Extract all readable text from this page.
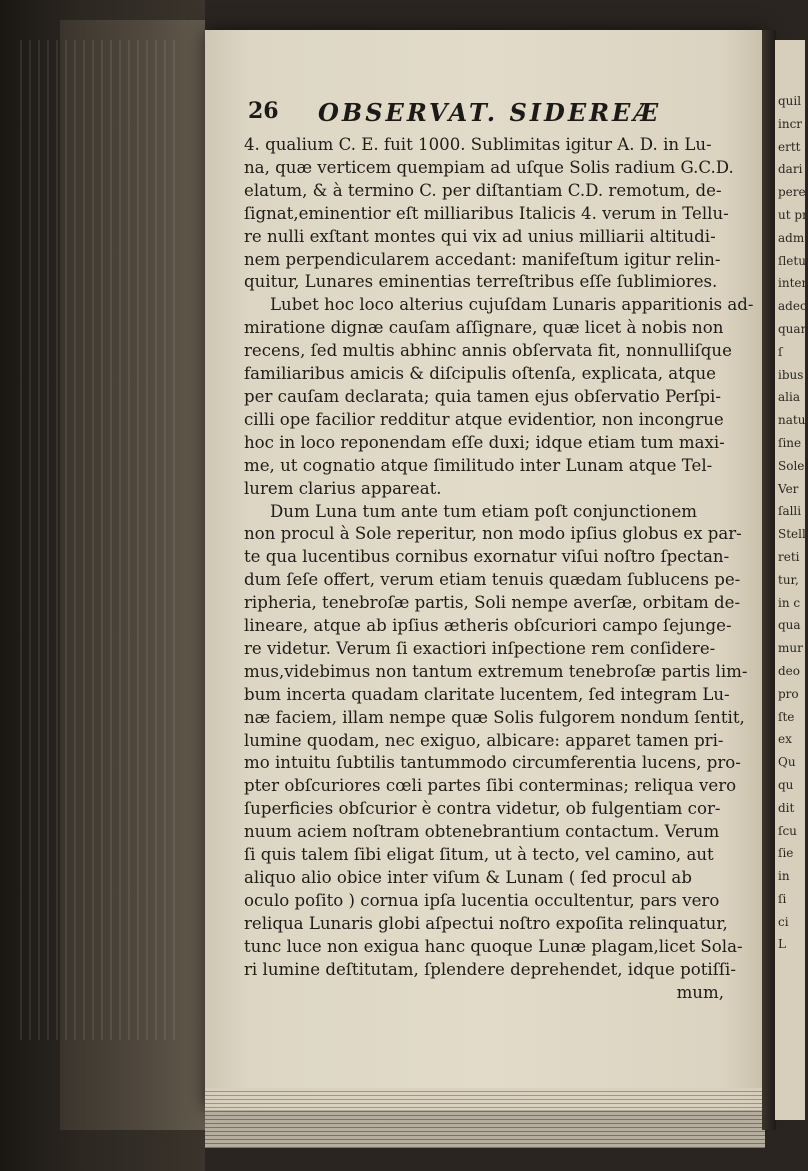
26 OBSERVAT. SIDEREÆ
4. qualium C. E. fuit 1000. Sublimitas igitur A. D. in Lu-
na, quæ verticem quempiam ad uſque Solis radium G.C.D.
elatum, & à termino C. per diſtantiam C.D. remotum, de-
ſignat,eminentior eſt milliaribus Italicis 4. verum in Tellu-
re nulli exſtant montes qui vix ad unius milliarii altitudi-
nem perpendicularem accedant: manifeſtum igitur relin-
quitur, Lunares eminentias terreſtribus eſſe ſublimiores.
Lubet hoc loco alterius cujuſdam Lunaris apparitionis ad-
miratione dignæ cauſam aſſignare, quæ licet à nobis non
recens, ſed multis abhinc annis obſervata fit, nonnulliſque
familiaribus amicis & diſcipulis oſtenſa, explicata, atque
per cauſam declarata; quia tamen ejus obſervatio Perſpi-
cilli ope facilior redditur atque evidentior, non incongrue
hoc in loco reponendam eſſe duxi; idque etiam tum maxi-
me, ut cognatio atque ſimilitudo inter Lunam atque Tel-
lurem clarius appareat.
Dum Luna tum ante tum etiam poſt conjunctionem
non procul à Sole reperitur, non modo ipſius globus ex par-
te qua lucentibus cornibus exornatur viſui noſtro ſpectan-
dum ſeſe offert, verum etiam tenuis quædam ſublucens pe-
ripheria, tenebroſæ partis, Soli nempe averſæ, orbitam de-
lineare, atque ab ipſius ætheris obſcuriori campo ſejunge-
re videtur. Verum ſi exactiori inſpectione rem conſidere-
mus,videbimus non tantum extremum tenebroſæ partis lim-
bum incerta quadam claritate lucentem, ſed integram Lu-
næ faciem, illam nempe quæ Solis fulgorem nondum ſentit,
lumine quodam, nec exiguo, albicare: apparet tamen pri-
mo intuitu ſubtilis tantummodo circumferentia lucens, pro-
pter obſcuriores cœli partes ſibi conterminas; reliqua vero
ſuperficies obſcurior è contra videtur, ob fulgentiam cor-
nuum aciem noſtram obtenebrantium contactum. Verum
ſi quis talem ſibi eligat ſitum, ut à tecto, vel camino, aut
aliquo alio obice inter viſum & Lunam ( ſed procul ab
oculo poſito ) cornua ipſa lucentia occultentur, pars vero
reliqua Lunaris globi aſpectui noſtro expoſita relinquatur,
tunc luce non exigua hanc quoque Lunæ plagam,licet Sola-
ri lumine deſtitutam, ſplendere deprehendet, idque potiſſi-
mum,
quil
incr
ertt
dari
pere
ut pr
adm
ſletu
inter
adeo
quan
ſ
ibus
alia
natu
ſine
Sole.
Ver
ſalli
Stell
reti
tur,
in c
qua
mur
deo
pro
ſte
ex
Qu
qu
dit
ſcu
ſie
in
ſi
ci
L
